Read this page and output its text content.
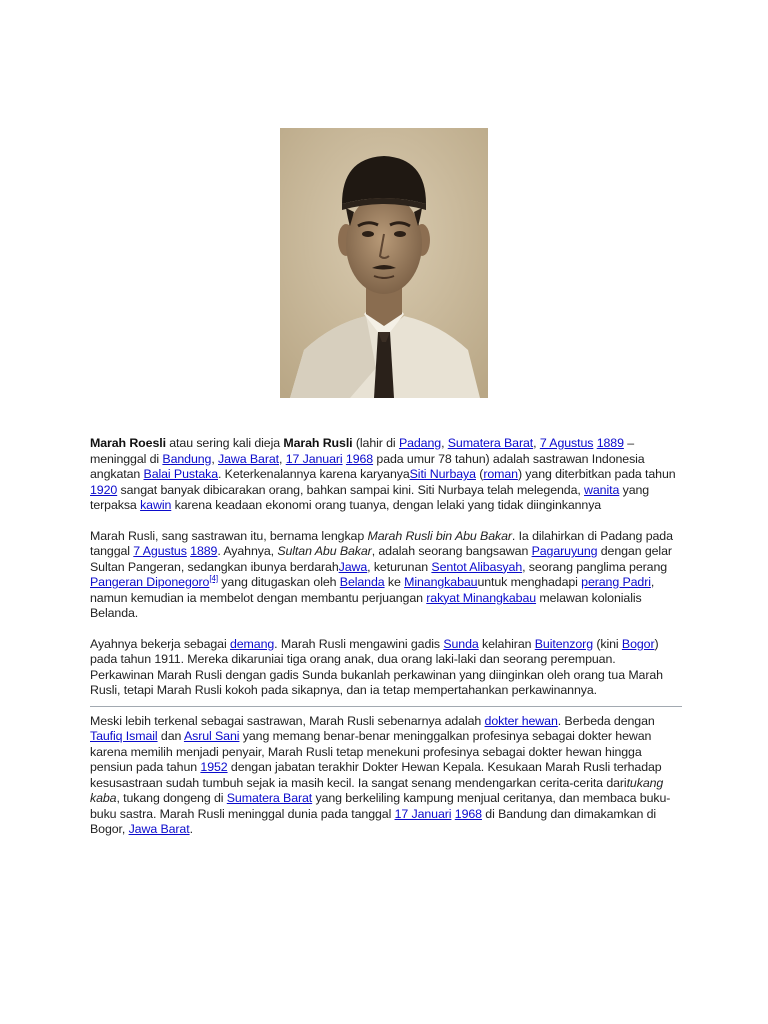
Marah Roesli atau sering kali dieja Marah Rusli (lahir di Padang, Sumatera Barat, 7 Agustus 1889 – meninggal di Bandung, Jawa Barat, 17 Januari 1968 pada umur 78 tahun) adalah sastrawan Indonesia angkatan Balai Pustaka. Keterkenalannya karena karyanyaSiti Nurbaya (roman) yang diterbitkan pada tahun 1920 sangat banyak dibicarakan orang, bahkan sampai kini. Siti Nurbaya telah melegenda, wanita yang terpaksa kawin karena keadaan ekonomi orang tuanya, dengan lelaki yang tidak diinginkannya

Marah Rusli, sang sastrawan itu, bernama lengkap Marah Rusli bin Abu Bakar. Ia dilahirkan di Padang pada tanggal 7 Agustus 1889. Ayahnya, Sultan Abu Bakar, adalah seorang bangsawan Pagaruyung dengan gelar Sultan Pangeran, sedangkan ibunya berdarahJawa, keturunan Sentot Alibasyah, seorang panglima perang Pangeran Diponegoro[4] yang ditugaskan oleh Belanda ke Minangkabauuntuk menghadapi perang Padri, namun kemudian ia membelot dengan membantu perjuangan rakyat Minangkabau melawan kolonialis Belanda.

Ayahnya bekerja sebagai demang. Marah Rusli mengawini gadis Sunda kelahiran Buitenzorg (kini Bogor) pada tahun 1911. Mereka dikaruniai tiga orang anak, dua orang laki-laki dan seorang perempuan. Perkawinan Marah Rusli dengan gadis Sunda bukanlah perkawinan yang diinginkan oleh orang tua Marah Rusli, tetapi Marah Rusli kokoh pada sikapnya, dan ia tetap mempertahankan perkawinannya.

Meski lebih terkenal sebagai sastrawan, Marah Rusli sebenarnya adalah dokter hewan. Berbeda dengan Taufiq Ismail dan Asrul Sani yang memang benar-benar meninggalkan profesinya sebagai dokter hewan karena memilih menjadi penyair, Marah Rusli tetap menekuni profesinya sebagai dokter hewan hingga pensiun pada tahun 1952 dengan jabatan terakhir Dokter Hewan Kepala. Kesukaan Marah Rusli terhadap kesusastraan sudah tumbuh sejak ia masih kecil. Ia sangat senang mendengarkan cerita-cerita daritukang kaba, tukang dongeng di Sumatera Barat yang berkeliling kampung menjual ceritanya, dan membaca buku-buku sastra. Marah Rusli meninggal dunia pada tanggal 17 Januari 1968 di Bandung dan dimakamkan di Bogor, Jawa Barat.
